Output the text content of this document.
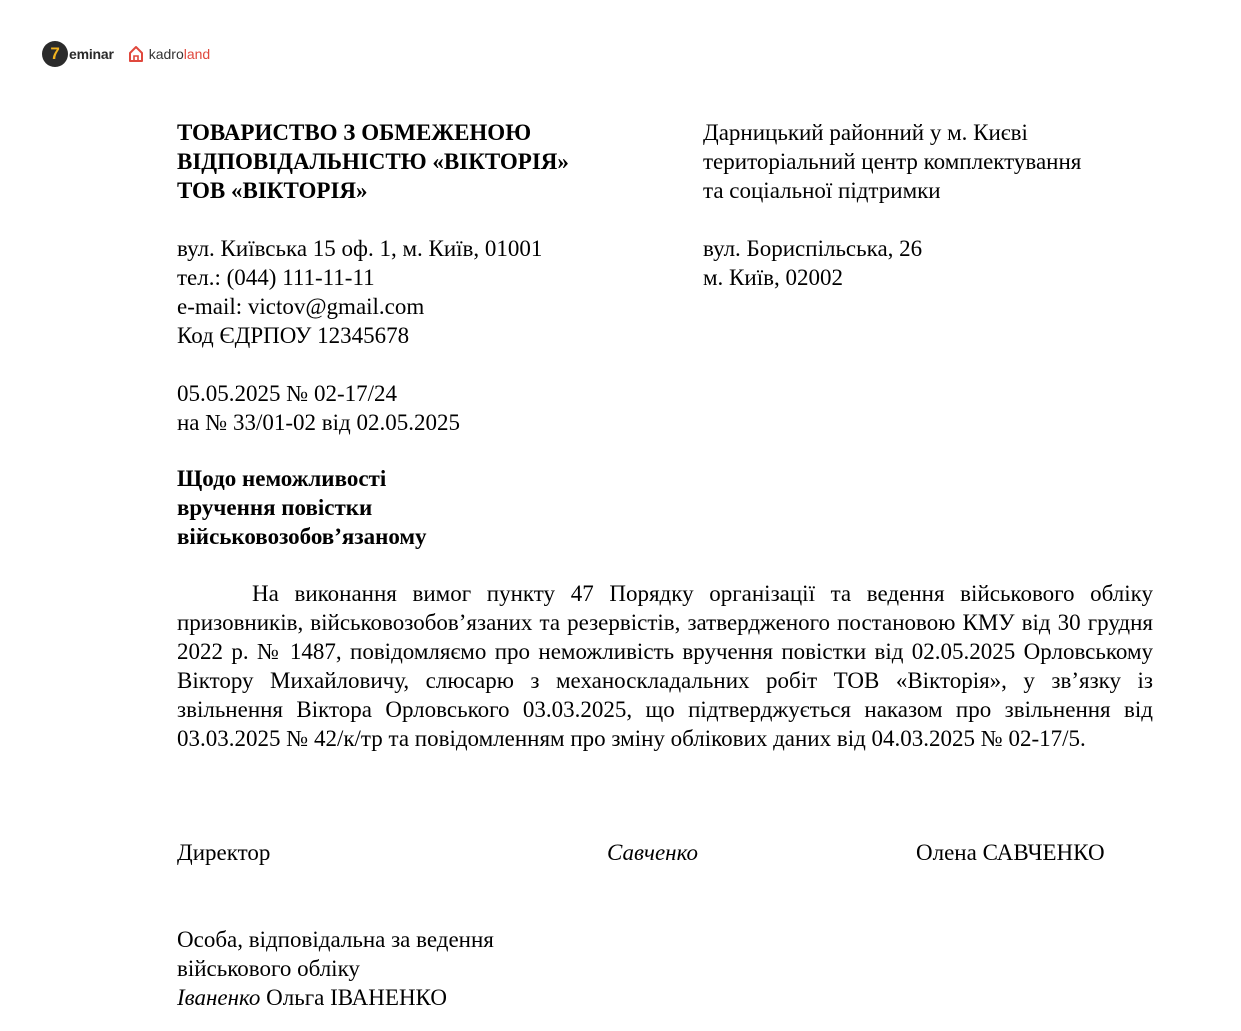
7 eminar	kadro land
ТОВАРИСТВО З ОБМЕЖЕНОЮ
ВІДПОВІДАЛЬНІСТЮ «ВІКТОРІЯ»
ТОВ «ВІКТОРІЯ»
вул. Київська 15 оф. 1, м. Київ, 01001
тел.: (044) 111-11-11
e-mail: victov@gmail.com
Код ЄДРПОУ 12345678
05.05.2025 № 02-17/24
на № 33/01-02 від 02.05.2025
Дарницький районний у м. Києві
територіальний центр комплектування
та соціальної підтримки
вул. Бориспільська, 26
м. Київ, 02002
Щодо неможливості
вручення повістки
військовозобов’язаному

На виконання вимог пункту 47 Порядку організації та ведення військового обліку призовників, військовозобов’язаних та резервістів, затвердженого постановою КМУ від 30 грудня 2022 р. № 1487, повідомляємо про неможливість вручення повістки від 02.05.2025 Орловському Віктору Михайловичу, слюсарю з механоскладальних робіт ТОВ «Вікторія», у зв’язку із звільнення Віктора Орловського 03.03.2025, що підтверджується наказом про звільнення від 03.03.2025 № 42/к/тр та повідомленням про зміну облікових даних від 04.03.2025 № 02-17/5.

Директор	Савченко	Олена САВЧЕНКО
Особа, відповідальна за ведення
військового обліку
Іваненко Ольга ІВАНЕНКО
